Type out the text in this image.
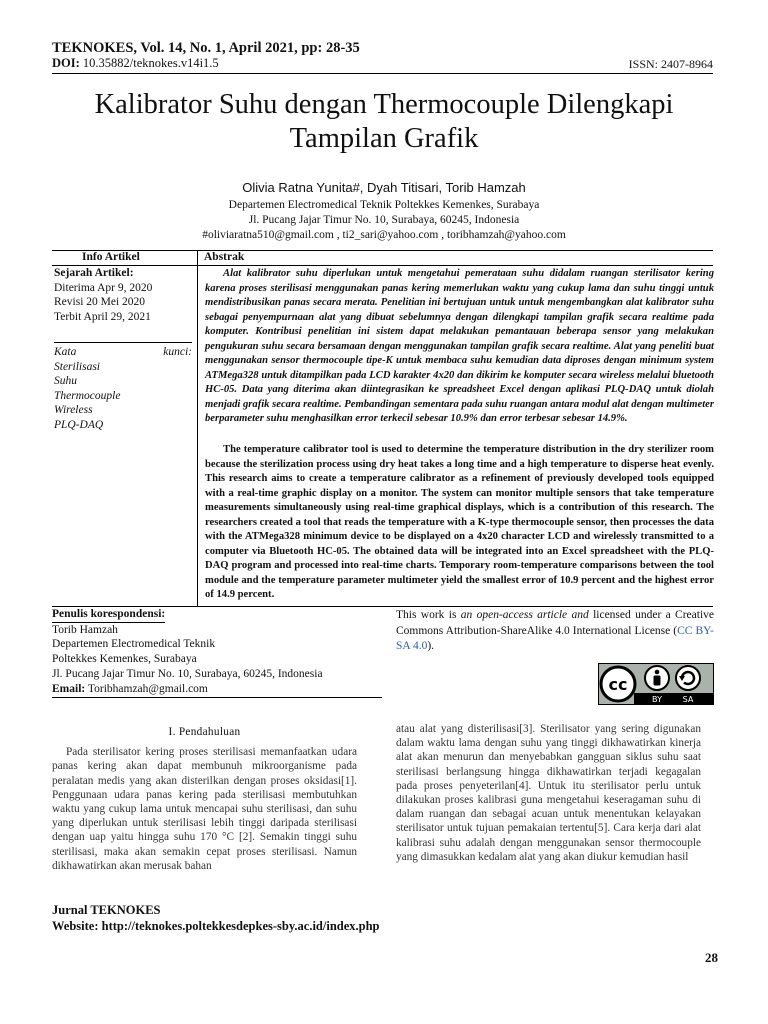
TEKNOKES, Vol. 14, No. 1, April 2021, pp: 28-35
DOI: 10.35882/teknokes.v14i1.5	ISSN: 2407-8964
Kalibrator Suhu dengan Thermocouple Dilengkapi
Tampilan Grafik
Olivia Ratna Yunita#, Dyah Titisari, Torib Hamzah
Departemen Electromedical Teknik Poltekkes Kemenkes, Surabaya
Jl. Pucang Jajar Timur No. 10, Surabaya, 60245, Indonesia
#oliviaratna510@gmail.com , ti2_sari@yahoo.com , toribhamzah@yahoo.com
Info Artikel	Abstrak
Sejarah Artikel:
Diterima Apr 9, 2020
Revisi 20 Mei 2020
Terbit April 29, 2021
Kata	kunci:
Sterilisasi
Suhu
Thermocouple
Wireless
PLQ-DAQ

Alat kalibrator suhu diperlukan untuk mengetahui pemerataan suhu didalam ruangan sterilisator kering karena proses sterilisasi menggunakan panas kering memerlukan waktu yang cukup lama dan suhu tinggi untuk mendistribusikan panas secara merata. Penelitian ini bertujuan untuk untuk mengembangkan alat kalibrator suhu sebagai penyempurnaan alat yang dibuat sebelumnya dengan dilengkapi tampilan grafik secara realtime pada komputer. Kontribusi penelitian ini sistem dapat melakukan pemantauan beberapa sensor yang melakukan pengukuran suhu secara bersamaan dengan menggunakan tampilan grafik secara realtime. Alat yang peneliti buat menggunakan sensor thermocouple tipe-K untuk membaca suhu kemudian data diproses dengan minimum system ATMega328 untuk ditampilkan pada LCD karakter 4x20 dan dikirim ke komputer secara wireless melalui bluetooth HC-05. Data yang diterima akan diintegrasikan ke spreadsheet Excel dengan aplikasi PLQ-DAQ untuk diolah menjadi grafik secara realtime. Pembandingan sementara pada suhu ruangan antara modul alat dengan multimeter berparameter suhu menghasilkan error terkecil sebesar 10.9% dan error terbesar sebesar 14.9%.

The temperature calibrator tool is used to determine the temperature distribution in the dry sterilizer room because the sterilization process using dry heat takes a long time and a high temperature to disperse heat evenly. This research aims to create a temperature calibrator as a refinement of previously developed tools equipped with a real-time graphic display on a monitor. The system can monitor multiple sensors that take temperature measurements simultaneously using real-time graphical displays, which is a contribution of this research. The researchers created a tool that reads the temperature with a K-type thermocouple sensor, then processes the data with the ATMega328 minimum device to be displayed on a 4x20 character LCD and wirelessly transmitted to a computer via Bluetooth HC-05. The obtained data will be integrated into an Excel spreadsheet with the PLQ-DAQ program and processed into real-time charts. Temporary room-temperature comparisons between the tool module and the temperature parameter multimeter yield the smallest error of 10.9 percent and the highest error of 14.9 percent.

Penulis korespondensi:
Torib Hamzah
Departemen Electromedical Teknik
Poltekkes Kemenkes, Surabaya
Jl. Pucang Jajar Timur No. 10, Surabaya, 60245, Indonesia
Email: Toribhamzah@gmail.com
This work is an open-access article and licensed under a Creative Commons Attribution-ShareAlike 4.0 International License (CC BY-SA 4.0).
cc
BY	SA
I. Pendahuluan

Pada sterilisator kering proses sterilisasi memanfaatkan udara panas kering akan dapat membunuh mikroorganisme pada peralatan medis yang akan disterilkan dengan proses oksidasi[1]. Penggunaan udara panas kering pada sterilisasi membutuhkan waktu yang cukup lama untuk mencapai suhu sterilisasi, dan suhu yang diperlukan untuk sterilisasi lebih tinggi daripada sterilisasi dengan uap yaitu hingga suhu 170 °C [2]. Semakin tinggi suhu sterilisasi, maka akan semakin cepat proses sterilisasi. Namun dikhawatirkan akan merusak bahan

atau alat yang disterilisasi[3]. Sterilisator yang sering digunakan dalam waktu lama dengan suhu yang tinggi dikhawatirkan kinerja alat akan menurun dan menyebabkan gangguan siklus suhu saat sterilisasi berlangsung hingga dikhawatirkan terjadi kegagalan pada proses penyeterilan[4]. Untuk itu sterilisator perlu untuk dilakukan proses kalibrasi guna mengetahui keseragaman suhu di dalam ruangan dan sebagai acuan untuk menentukan kelayakan sterilisator untuk tujuan pemakaian tertentu[5]. Cara kerja dari alat kalibrasi suhu adalah dengan menggunakan sensor thermocouple yang dimasukkan kedalam alat yang akan diukur kemudian hasil

Jurnal TEKNOKES
Website: http://teknokes.poltekkesdepkes-sby.ac.id/index.php
28
